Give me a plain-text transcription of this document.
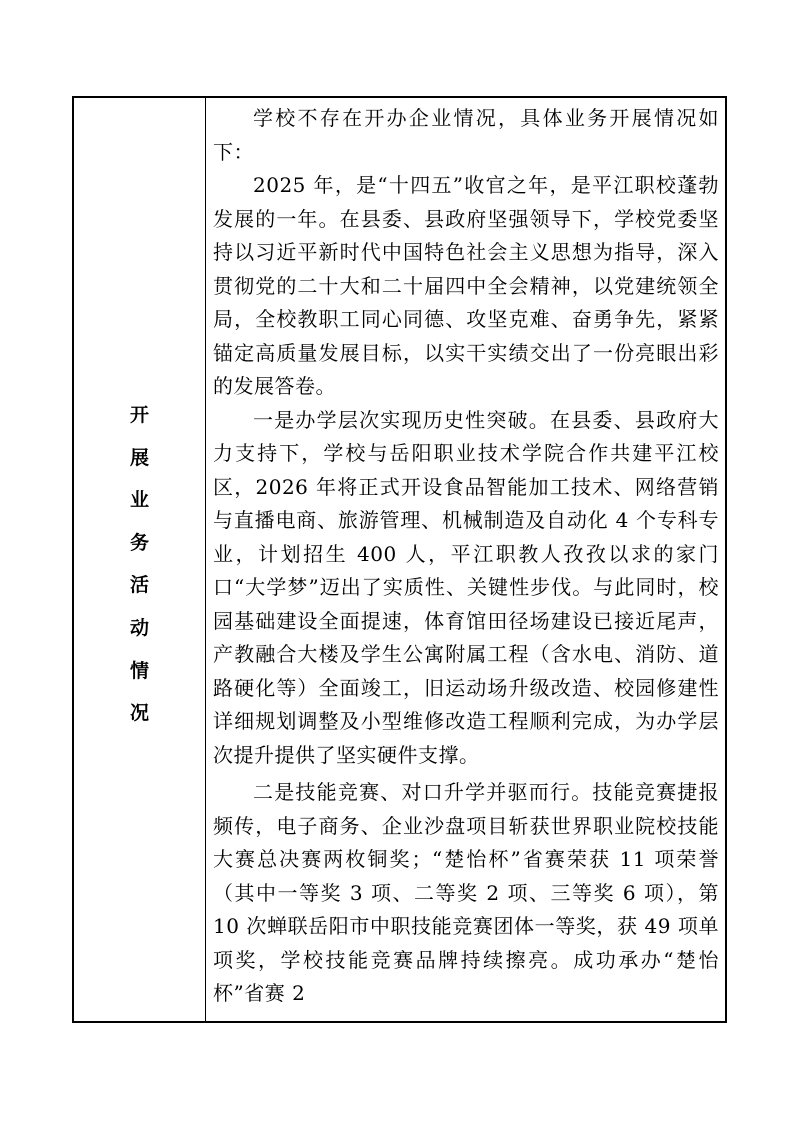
开
展
业
务
活
动
情
况

学校不存在开办企业情况，具体业务开展情况如下：

2025 年，是“十四五”收官之年，是平江职校蓬勃发展的一年。在县委、县政府坚强领导下，学校党委坚持以习近平新时代中国特色社会主义思想为指导，深入贯彻党的二十大和二十届四中全会精神，以党建统领全局，全校教职工同心同德、攻坚克难、奋勇争先，紧紧锚定高质量发展目标，以实干实绩交出了一份亮眼出彩的发展答卷。

一是办学层次实现历史性突破。在县委、县政府大力支持下，学校与岳阳职业技术学院合作共建平江校区，2026 年将正式开设食品智能加工技术、网络营销与直播电商、旅游管理、机械制造及自动化 4 个专科专业，计划招生 400 人，平江职教人孜孜以求的家门口“大学梦”迈出了实质性、关键性步伐。与此同时，校园基础建设全面提速，体育馆田径场建设已接近尾声，产教融合大楼及学生公寓附属工程（含水电、消防、道路硬化等）全面竣工，旧运动场升级改造、校园修建性详细规划调整及小型维修改造工程顺利完成，为办学层次提升提供了坚实硬件支撑。

二是技能竞赛、对口升学并驱而行。技能竞赛捷报频传，电子商务、企业沙盘项目斩获世界职业院校技能大赛总决赛两枚铜奖；“楚怡杯”省赛荣获 11 项荣誉（其中一等奖 3 项、二等奖 2 项、三等奖 6 项），第 10 次蝉联岳阳市中职技能竞赛团体一等奖，获 49 项单项奖，学校技能竞赛品牌持续擦亮。成功承办“楚怡杯”省赛 2
